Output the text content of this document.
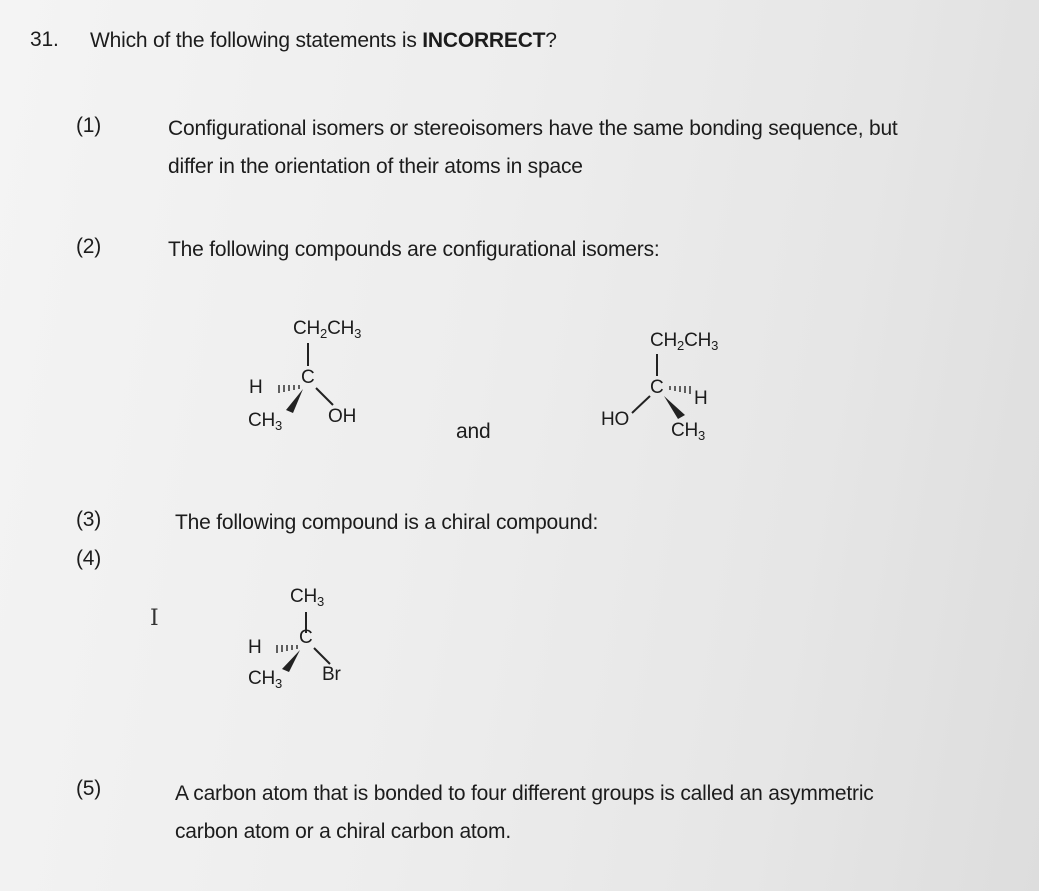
31. Which of the following statements is INCORRECT?
(1)	Configurational isomers or stereoisomers have the same bonding sequence, but
differ in the orientation of their atoms in space
(2)	The following compounds are configurational isomers:
$CH_2CH_3$
H C
$CH_3$ OH
and
$CH_2CH_3$
C
H
HO
$CH_3$
(3)	The following compound is a chiral compound:
(4)
I
$CH_3$
H C
$CH_3$ Br
(5)	A carbon atom that is bonded to four different groups is called an asymmetric
carbon atom or a chiral carbon atom.
